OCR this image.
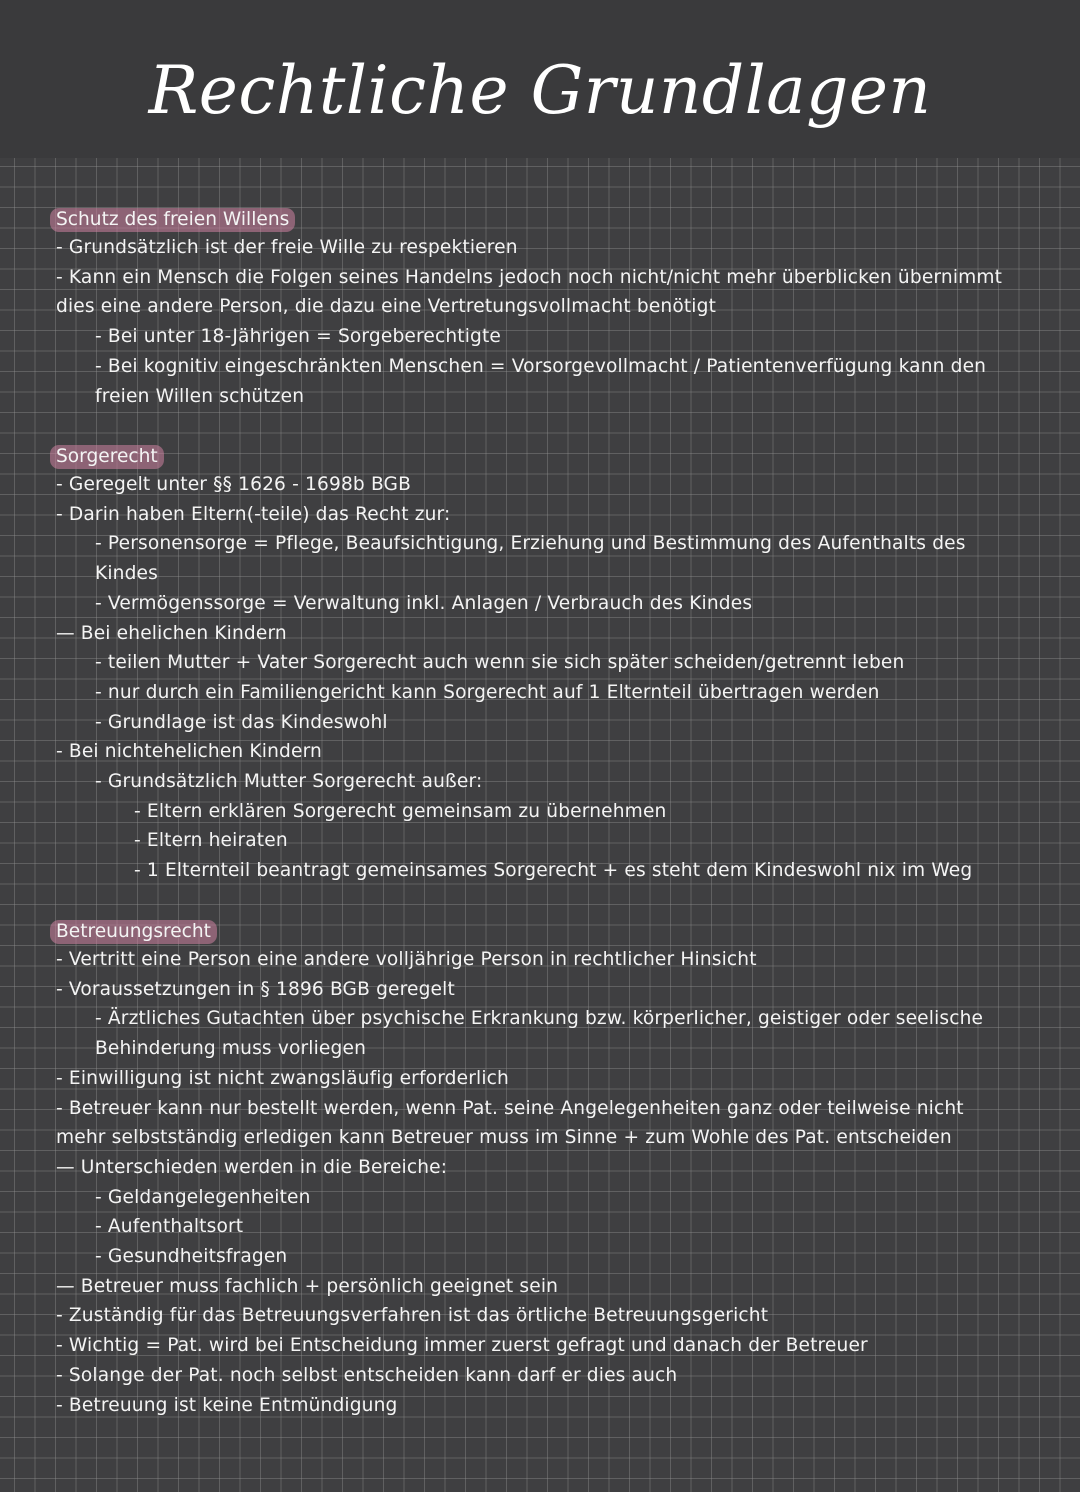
Rechtliche Grundlagen
Schutz des freien Willens
- Grundsätzlich ist der freie Wille zu respektieren
- Kann ein Mensch die Folgen seines Handelns jedoch noch nicht/nicht mehr überblicken übernimmt
dies eine andere Person, die dazu eine Vertretungsvollmacht benötigt
- Bei unter 18-Jährigen = Sorgeberechtigte
- Bei kognitiv eingeschränkten Menschen = Vorsorgevollmacht / Patientenverfügung kann den
freien Willen schützen
Sorgerecht
- Geregelt unter §§ 1626 - 1698b BGB
- Darin haben Eltern(-teile) das Recht zur:
- Personensorge = Pflege, Beaufsichtigung, Erziehung und Bestimmung des Aufenthalts des
Kindes
- Vermögenssorge = Verwaltung inkl. Anlagen / Verbrauch des Kindes
— Bei ehelichen Kindern
- teilen Mutter + Vater Sorgerecht auch wenn sie sich später scheiden/getrennt leben
- nur durch ein Familiengericht kann Sorgerecht auf 1 Elternteil übertragen werden
- Grundlage ist das Kindeswohl
- Bei nichtehelichen Kindern
- Grundsätzlich Mutter Sorgerecht außer:
- Eltern erklären Sorgerecht gemeinsam zu übernehmen
- Eltern heiraten
- 1 Elternteil beantragt gemeinsames Sorgerecht + es steht dem Kindeswohl nix im Weg
Betreuungsrecht
- Vertritt eine Person eine andere volljährige Person in rechtlicher Hinsicht
- Voraussetzungen in § 1896 BGB geregelt
- Ärztliches Gutachten über psychische Erkrankung bzw. körperlicher, geistiger oder seelische
Behinderung muss vorliegen
- Einwilligung ist nicht zwangsläufig erforderlich
- Betreuer kann nur bestellt werden, wenn Pat. seine Angelegenheiten ganz oder teilweise nicht
mehr selbstständig erledigen kann Betreuer muss im Sinne + zum Wohle des Pat. entscheiden
— Unterschieden werden in die Bereiche:
- Geldangelegenheiten
- Aufenthaltsort
- Gesundheitsfragen
— Betreuer muss fachlich + persönlich geeignet sein
- Zuständig für das Betreuungsverfahren ist das örtliche Betreuungsgericht
- Wichtig = Pat. wird bei Entscheidung immer zuerst gefragt und danach der Betreuer
- Solange der Pat. noch selbst entscheiden kann darf er dies auch
- Betreuung ist keine Entmündigung
